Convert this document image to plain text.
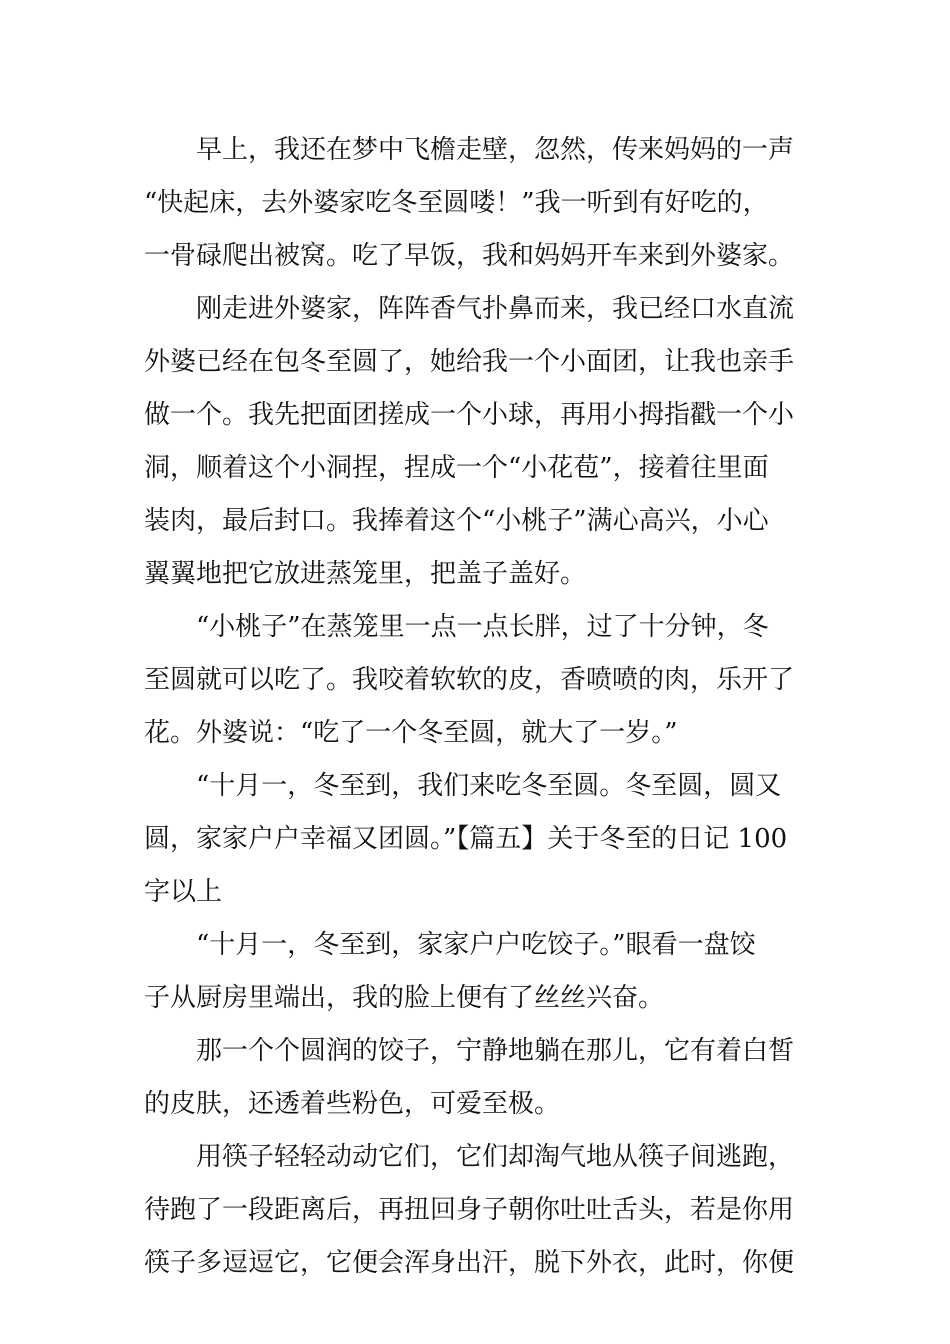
早上，我还在梦中飞檐走壁，忽然，传来妈妈的一声
“快起床，去外婆家吃冬至圆喽！”我一听到有好吃的，
一骨碌爬出被窝。吃了早饭，我和妈妈开车来到外婆家。
刚走进外婆家，阵阵香气扑鼻而来，我已经口水直流
外婆已经在包冬至圆了，她给我一个小面团，让我也亲手
做一个。我先把面团搓成一个小球，再用小拇指戳一个小
洞，顺着这个小洞捏，捏成一个“小花苞”，接着往里面
装肉，最后封口。我捧着这个“小桃子”满心高兴，小心
翼翼地把它放进蒸笼里，把盖子盖好。
“小桃子”在蒸笼里一点一点长胖，过了十分钟，冬
至圆就可以吃了。我咬着软软的皮，香喷喷的肉，乐开了
花。外婆说：“吃了一个冬至圆，就大了一岁。”
“十月一，冬至到，我们来吃冬至圆。冬至圆，圆又
圆，家家户户幸福又团圆。”【篇五】关于冬至的日记 100
字以上
“十月一，冬至到，家家户户吃饺子。”眼看一盘饺
子从厨房里端出，我的脸上便有了丝丝兴奋。
那一个个圆润的饺子，宁静地躺在那儿，它有着白皙
的皮肤，还透着些粉色，可爱至极。
用筷子轻轻动动它们，它们却淘气地从筷子间逃跑，
待跑了一段距离后，再扭回身子朝你吐吐舌头，若是你用
筷子多逗逗它，它便会浑身出汗，脱下外衣，此时，你便
